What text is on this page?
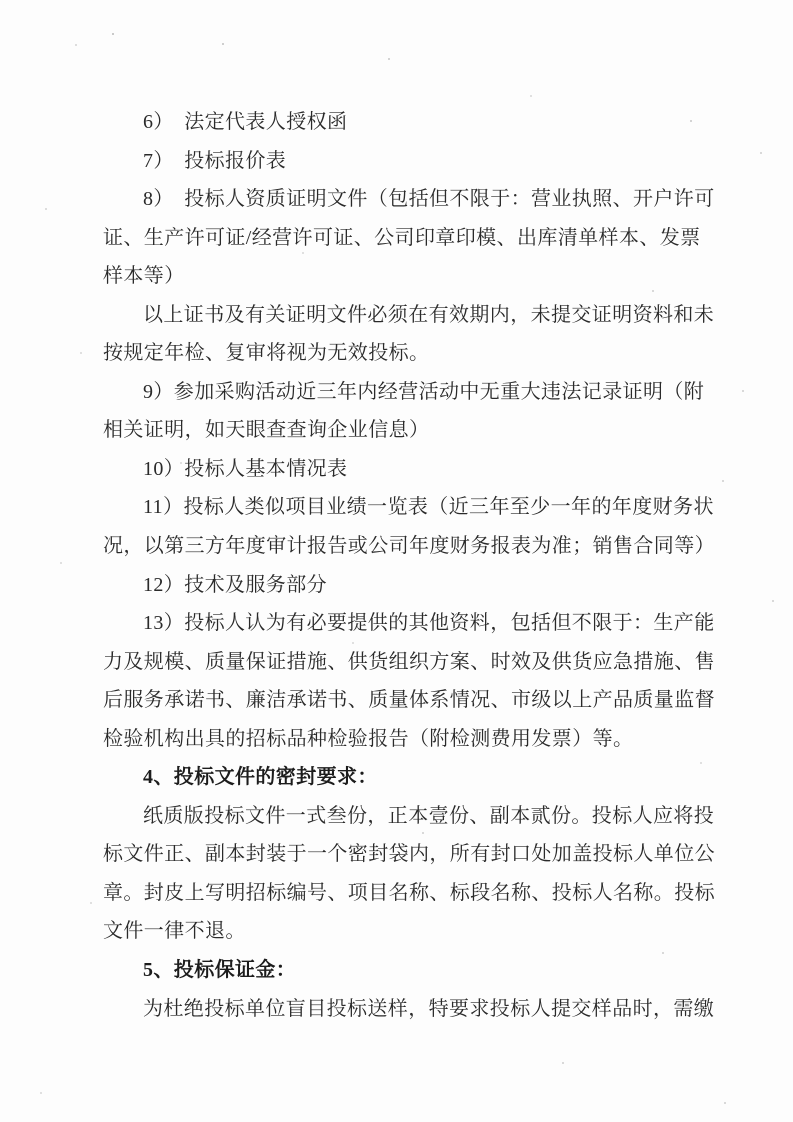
6）　法定代表人授权函
7）　投标报价表
8）　投标人资质证明文件（包括但不限于：营业执照、开户许可
证、生产许可证/经营许可证、公司印章印模、出库清单样本、发票
样本等）
以上证书及有关证明文件必须在有效期内，未提交证明资料和未
按规定年检、复审将视为无效投标。
9）参加采购活动近三年内经营活动中无重大违法记录证明（附
相关证明，如天眼查查询企业信息）
10）投标人基本情况表
11）投标人类似项目业绩一览表（近三年至少一年的年度财务状
况，以第三方年度审计报告或公司年度财务报表为准；销售合同等）
12）技术及服务部分
13）投标人认为有必要提供的其他资料，包括但不限于：生产能
力及规模、质量保证措施、供货组织方案、时效及供货应急措施、售
后服务承诺书、廉洁承诺书、质量体系情况、市级以上产品质量监督
检验机构出具的招标品种检验报告（附检测费用发票）等。
4、投标文件的密封要求：
纸质版投标文件一式叁份，正本壹份、副本贰份。投标人应将投
标文件正、副本封装于一个密封袋内，所有封口处加盖投标人单位公
章。封皮上写明招标编号、项目名称、标段名称、投标人名称。投标
文件一律不退。
5、投标保证金：
为杜绝投标单位盲目投标送样，特要求投标人提交样品时，需缴
